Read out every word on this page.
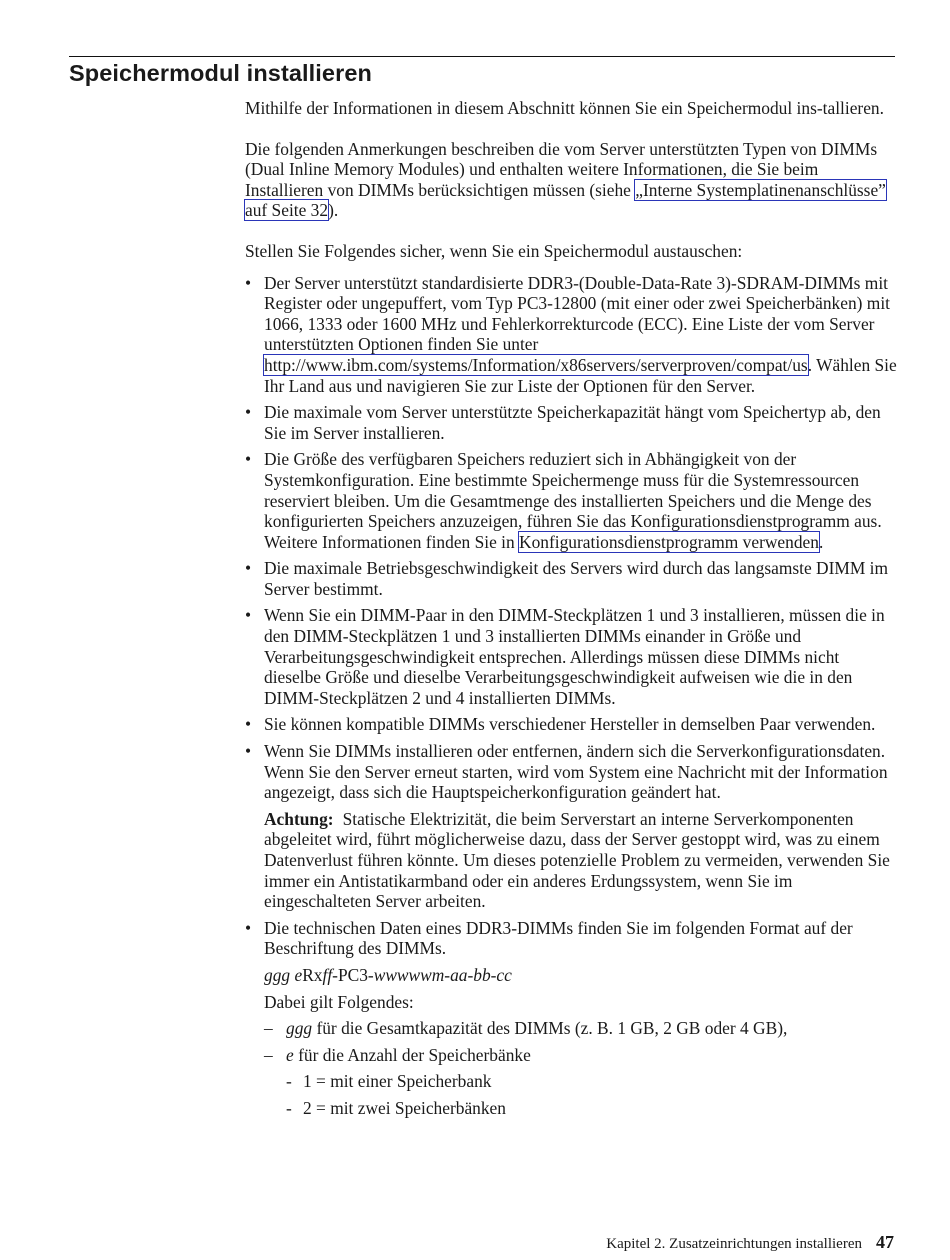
Speichermodul installieren

Mithilfe der Informationen in diesem Abschnitt können Sie ein Speichermodul ins-tallieren.

Die folgenden Anmerkungen beschreiben die vom Server unterstützten Typen von DIMMs (Dual Inline Memory Modules) und enthalten weitere Informationen, die Sie beim Installieren von DIMMs berücksichtigen müssen (siehe „Interne Systemplatinenanschlüsse” auf Seite 32).

Stellen Sie Folgendes sicher, wenn Sie ein Speichermodul austauschen:

• Der Server unterstützt standardisierte DDR3-(Double-Data-Rate 3)-SDRAM-DIMMs mit Register oder ungepuffert, vom Typ PC3-12800 (mit einer oder zwei Speicherbänken) mit 1066, 1333 oder 1600 MHz und Fehlerkorrekturcode (ECC). Eine Liste der vom Server unterstützten Optionen finden Sie unter http://www.ibm.com/systems/Information/x86servers/serverproven/compat/us. Wählen Sie Ihr Land aus und navigieren Sie zur Liste der Optionen für den Server.
• Die maximale vom Server unterstützte Speicherkapazität hängt vom Speichertyp ab, den Sie im Server installieren.
• Die Größe des verfügbaren Speichers reduziert sich in Abhängigkeit von der Systemkonfiguration. Eine bestimmte Speichermenge muss für die Systemressourcen reserviert bleiben. Um die Gesamtmenge des installierten Speichers und die Menge des konfigurierten Speichers anzuzeigen, führen Sie das Konfigurationsdienstprogramm aus. Weitere Informationen finden Sie in Konfigurationsdienstprogramm verwenden.
• Die maximale Betriebsgeschwindigkeit des Servers wird durch das langsamste DIMM im Server bestimmt.
• Wenn Sie ein DIMM-Paar in den DIMM-Steckplätzen 1 und 3 installieren, müssen die in den DIMM-Steckplätzen 1 und 3 installierten DIMMs einander in Größe und Verarbeitungsgeschwindigkeit entsprechen. Allerdings müssen diese DIMMs nicht dieselbe Größe und dieselbe Verarbeitungsgeschwindigkeit aufweisen wie die in den DIMM-Steckplätzen 2 und 4 installierten DIMMs.
• Sie können kompatible DIMMs verschiedener Hersteller in demselben Paar verwenden.
• Wenn Sie DIMMs installieren oder entfernen, ändern sich die Serverkonfigurationsdaten. Wenn Sie den Server erneut starten, wird vom System eine Nachricht mit der Information angezeigt, dass sich die Hauptspeicherkonfiguration geändert hat.
Achtung: Statische Elektrizität, die beim Serverstart an interne Serverkomponenten abgeleitet wird, führt möglicherweise dazu, dass der Server gestoppt wird, was zu einem Datenverlust führen könnte. Um dieses potenzielle Problem zu vermeiden, verwenden Sie immer ein Antistatikarmband oder ein anderes Erdungssystem, wenn Sie im eingeschalteten Server arbeiten.
• Die technischen Daten eines DDR3-DIMMs finden Sie im folgenden Format auf der Beschriftung des DIMMs.
ggg eRxff-PC3-wwwwwm-aa-bb-cc
Dabei gilt Folgendes:
– ggg für die Gesamtkapazität des DIMMs (z. B. 1 GB, 2 GB oder 4 GB),
– e für die Anzahl der Speicherbänke
- 1 = mit einer Speicherbank
- 2 = mit zwei Speicherbänken
Kapitel 2. Zusatzeinrichtungen installieren 47
